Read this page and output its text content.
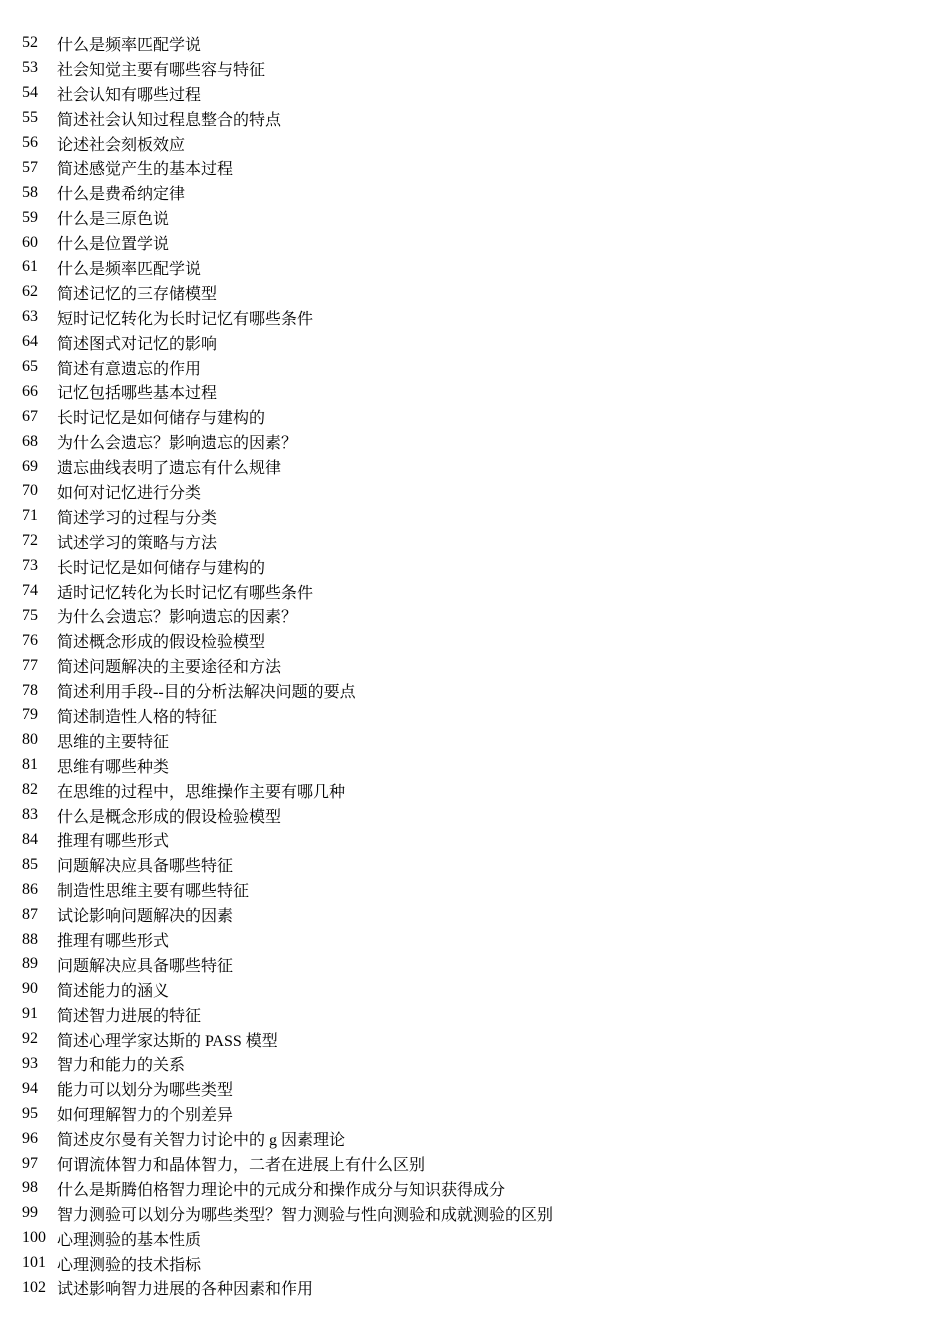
52	什么是频率匹配学说
53	社会知觉主要有哪些容与特征
54	社会认知有哪些过程
55	简述社会认知过程息整合的特点
56	论述社会刻板效应
57	简述感觉产生的基本过程
58	什么是费希纳定律
59	什么是三原色说
60	什么是位置学说
61	什么是频率匹配学说
62	简述记忆的三存储模型
63	短时记忆转化为长时记忆有哪些条件
64	简述图式对记忆的影响
65	简述有意遗忘的作用
66	记忆包括哪些基本过程
67	长时记忆是如何储存与建构的
68	为什么会遗忘？影响遗忘的因素？
69	遗忘曲线表明了遗忘有什么规律
70	如何对记忆进行分类
71	简述学习的过程与分类
72	试述学习的策略与方法
73	长时记忆是如何储存与建构的
74	适时记忆转化为长时记忆有哪些条件
75	为什么会遗忘？影响遗忘的因素？
76	简述概念形成的假设检验模型
77	简述问题解决的主要途径和方法
78	简述利用手段--目的分析法解决问题的要点
79	简述制造性人格的特征
80	思维的主要特征
81	思维有哪些种类
82	在思维的过程中，思维操作主要有哪几种
83	什么是概念形成的假设检验模型
84	推理有哪些形式
85	问题解决应具备哪些特征
86	制造性思维主要有哪些特征
87	试论影响问题解决的因素
88	推理有哪些形式
89	问题解决应具备哪些特征
90	简述能力的涵义
91	简述智力进展的特征
92	简述心理学家达斯的 PASS 模型
93	智力和能力的关系
94	能力可以划分为哪些类型
95	如何理解智力的个别差异
96	简述皮尔曼有关智力讨论中的 g 因素理论
97	何谓流体智力和晶体智力，二者在进展上有什么区别
98	什么是斯腾伯格智力理论中的元成分和操作成分与知识获得成分
99	智力测验可以划分为哪些类型？智力测验与性向测验和成就测验的区别
100 心理测验的基本性质
101 心理测验的技术指标
102 试述影响智力进展的各种因素和作用
